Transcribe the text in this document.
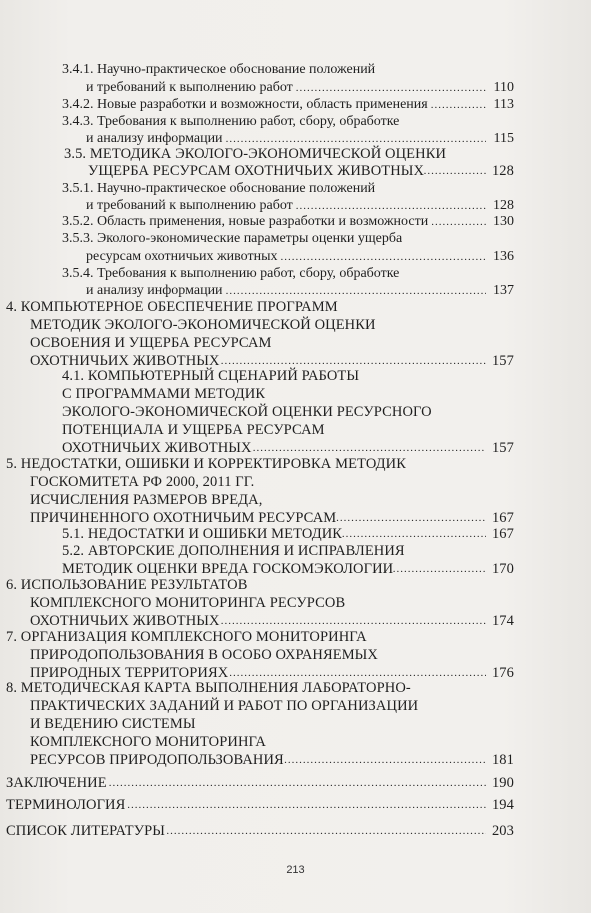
3.4.1. Научно-практическое обоснование положений
и требований к выполнению работ .....	110
3.4.2. Новые разработки и возможности, область применения .....	113
3.4.3. Требования к выполнению работ, сбору, обработке
и анализу информации .....	115
3.5. МЕТОДИКА ЭКОЛОГО-ЭКОНОМИЧЕСКОЙ ОЦЕНКИ
УЩЕРБА РЕСУРСАМ ОХОТНИЧЬИХ ЖИВОТНЫХ .....	128
3.5.1. Научно-практическое обоснование положений
и требований к выполнению работ .....	128
3.5.2. Область применения, новые разработки и возможности .....	130
3.5.3. Эколого-экономические параметры оценки ущерба
ресурсам охотничьих животных .....	136
3.5.4. Требования к выполнению работ, сбору, обработке
и анализу информации .....	137
4. КОМПЬЮТЕРНОЕ ОБЕСПЕЧЕНИЕ ПРОГРАММ
МЕТОДИК ЭКОЛОГО-ЭКОНОМИЧЕСКОЙ ОЦЕНКИ
ОСВОЕНИЯ И УЩЕРБА РЕСУРСАМ
ОХОТНИЧЬИХ ЖИВОТНЫХ .....	157
4.1. КОМПЬЮТЕРНЫЙ СЦЕНАРИЙ РАБОТЫ
С ПРОГРАММАМИ МЕТОДИК
ЭКОЛОГО-ЭКОНОМИЧЕСКОЙ ОЦЕНКИ РЕСУРСНОГО
ПОТЕНЦИАЛА И УЩЕРБА РЕСУРСАМ
ОХОТНИЧЬИХ ЖИВОТНЫХ .....	157
5. НЕДОСТАТКИ, ОШИБКИ И КОРРЕКТИРОВКА МЕТОДИК
ГОСКОМИТЕТА РФ 2000, 2011 ГГ.
ИСЧИСЛЕНИЯ РАЗМЕРОВ ВРЕДА,
ПРИЧИНЕННОГО ОХОТНИЧЬИМ РЕСУРСАМ .....	167
5.1. НЕДОСТАТКИ И ОШИБКИ МЕТОДИК .....	167
5.2. АВТОРСКИЕ ДОПОЛНЕНИЯ И ИСПРАВЛЕНИЯ
МЕТОДИК ОЦЕНКИ ВРЕДА ГОСКОМЭКОЛОГИИ .....	170
6. ИСПОЛЬЗОВАНИЕ РЕЗУЛЬТАТОВ
КОМПЛЕКСНОГО МОНИТОРИНГА РЕСУРСОВ
ОХОТНИЧЬИХ ЖИВОТНЫХ .....	174
7. ОРГАНИЗАЦИЯ КОМПЛЕКСНОГО МОНИТОРИНГА
ПРИРОДОПОЛЬЗОВАНИЯ В ОСОБО ОХРАНЯЕМЫХ
ПРИРОДНЫХ ТЕРРИТОРИЯХ .....	176
8. МЕТОДИЧЕСКАЯ КАРТА ВЫПОЛНЕНИЯ ЛАБОРАТОРНО-
ПРАКТИЧЕСКИХ ЗАДАНИЙ И РАБОТ ПО ОРГАНИЗАЦИИ
И ВЕДЕНИЮ СИСТЕМЫ
КОМПЛЕКСНОГО МОНИТОРИНГА
РЕСУРСОВ ПРИРОДОПОЛЬЗОВАНИЯ .....	181
ЗАКЛЮЧЕНИЕ .....	190
ТЕРМИНОЛОГИЯ .....	194
СПИСОК ЛИТЕРАТУРЫ .....	203
213
